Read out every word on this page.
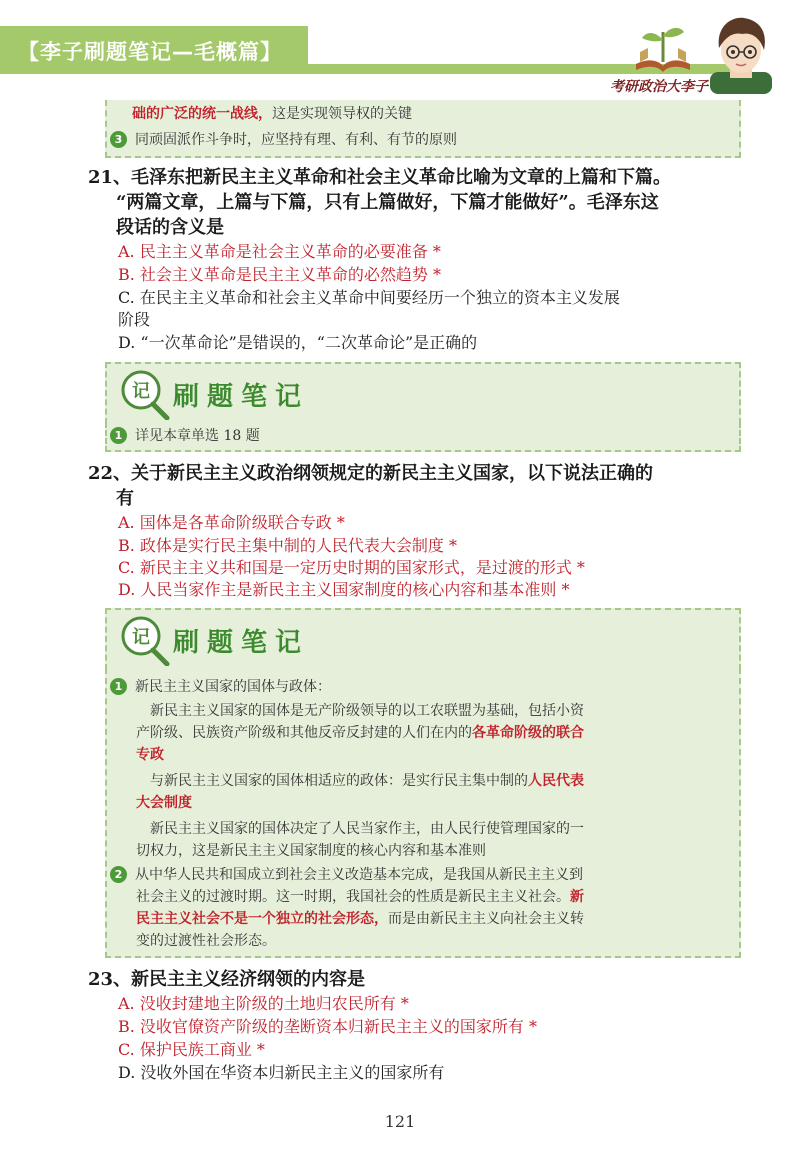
【李子刷题笔记—毛概篇】
考研政治大李子
础的广泛的统一战线，这是实现领导权的关键
3 同顽固派作斗争时，应坚持有理、有利、有节的原则
21、毛泽东把新民主主义革命和社会主义革命比喻为文章的上篇和下篇。
“两篇文章，上篇与下篇，只有上篇做好，下篇才能做好”。毛泽东这
段话的含义是
A. 民主主义革命是社会主义革命的必要准备 *
B. 社会主义革命是民主主义革命的必然趋势 *
C. 在民主主义革命和社会主义革命中间要经历一个独立的资本主义发展
阶段
D. “一次革命论”是错误的，“二次革命论”是正确的
记 刷题笔记
1 详见本章单选 18 题
22、关于新民主主义政治纲领规定的新民主主义国家，以下说法正确的
有
A. 国体是各革命阶级联合专政 *
B. 政体是实行民主集中制的人民代表大会制度 *
C. 新民主主义共和国是一定历史时期的国家形式，是过渡的形式 *
D. 人民当家作主是新民主主义国家制度的核心内容和基本准则 *
记 刷题笔记
1 新民主主义国家的国体与政体：
新民主主义国家的国体是无产阶级领导的以工农联盟为基础，包括小资
产阶级、民族资产阶级和其他反帝反封建的人们在内的各革命阶级的联合
专政
与新民主主义国家的国体相适应的政体：是实行民主集中制的人民代表
大会制度
新民主主义国家的国体决定了人民当家作主，由人民行使管理国家的一
切权力，这是新民主主义国家制度的核心内容和基本准则
2 从中华人民共和国成立到社会主义改造基本完成，是我国从新民主主义到
社会主义的过渡时期。这一时期，我国社会的性质是新民主主义社会。新
民主主义社会不是一个独立的社会形态，而是由新民主主义向社会主义转
变的过渡性社会形态。
23、新民主主义经济纲领的内容是
A. 没收封建地主阶级的土地归农民所有 *
B. 没收官僚资产阶级的垄断资本归新民主主义的国家所有 *
C. 保护民族工商业 *
D. 没收外国在华资本归新民主主义的国家所有
121
